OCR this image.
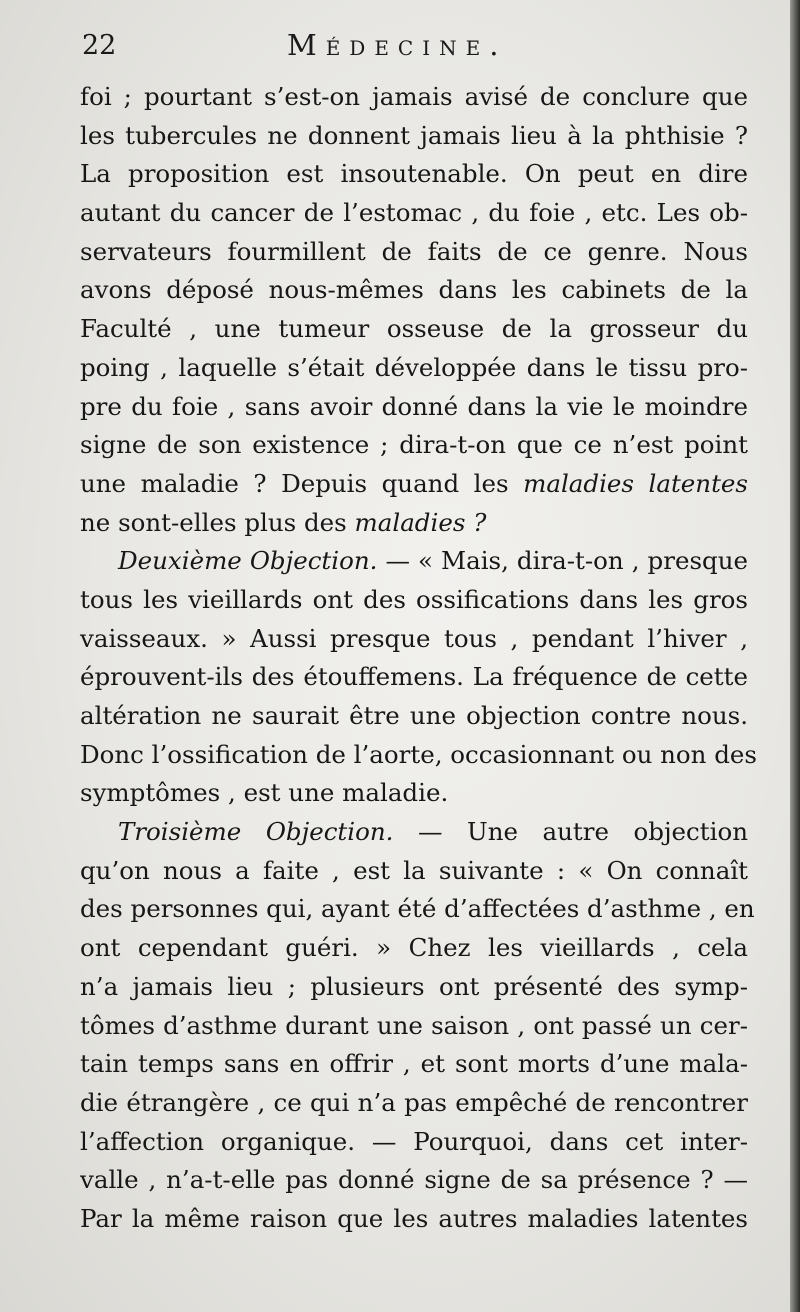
22	Médecine.
foi ; pourtant s’est-on jamais avisé de conclure que
les tubercules ne donnent jamais lieu à la phthisie ?
La proposition est insoutenable. On peut en dire
autant du cancer de l’estomac , du foie , etc. Les ob-
servateurs fourmillent de faits de ce genre. Nous
avons déposé nous-mêmes dans les cabinets de la
Faculté , une tumeur osseuse de la grosseur du
poing , laquelle s’était développée dans le tissu pro-
pre du foie , sans avoir donné dans la vie le moindre
signe de son existence ; dira-t-on que ce n’est point
une maladie ? Depuis quand les maladies latentes
ne sont-elles plus des maladies ?
Deuxième Objection. — « Mais, dira-t-on , presque
tous les vieillards ont des ossifications dans les gros
vaisseaux. » Aussi presque tous , pendant l’hiver ,
éprouvent-ils des étouffemens. La fréquence de cette
altération ne saurait être une objection contre nous.
Donc l’ossification de l’aorte, occasionnant ou non des
symptômes , est une maladie.
Troisième Objection. — Une autre objection
qu’on nous a faite , est la suivante : « On connaît
des personnes qui, ayant été d’affectées d’asthme , en
ont cependant guéri. » Chez les vieillards , cela
n’a jamais lieu ; plusieurs ont présenté des symp-
tômes d’asthme durant une saison , ont passé un cer-
tain temps sans en offrir , et sont morts d’une mala-
die étrangère , ce qui n’a pas empêché de rencontrer
l’affection organique. — Pourquoi, dans cet inter-
valle , n’a-t-elle pas donné signe de sa présence ? —
Par la même raison que les autres maladies latentes
